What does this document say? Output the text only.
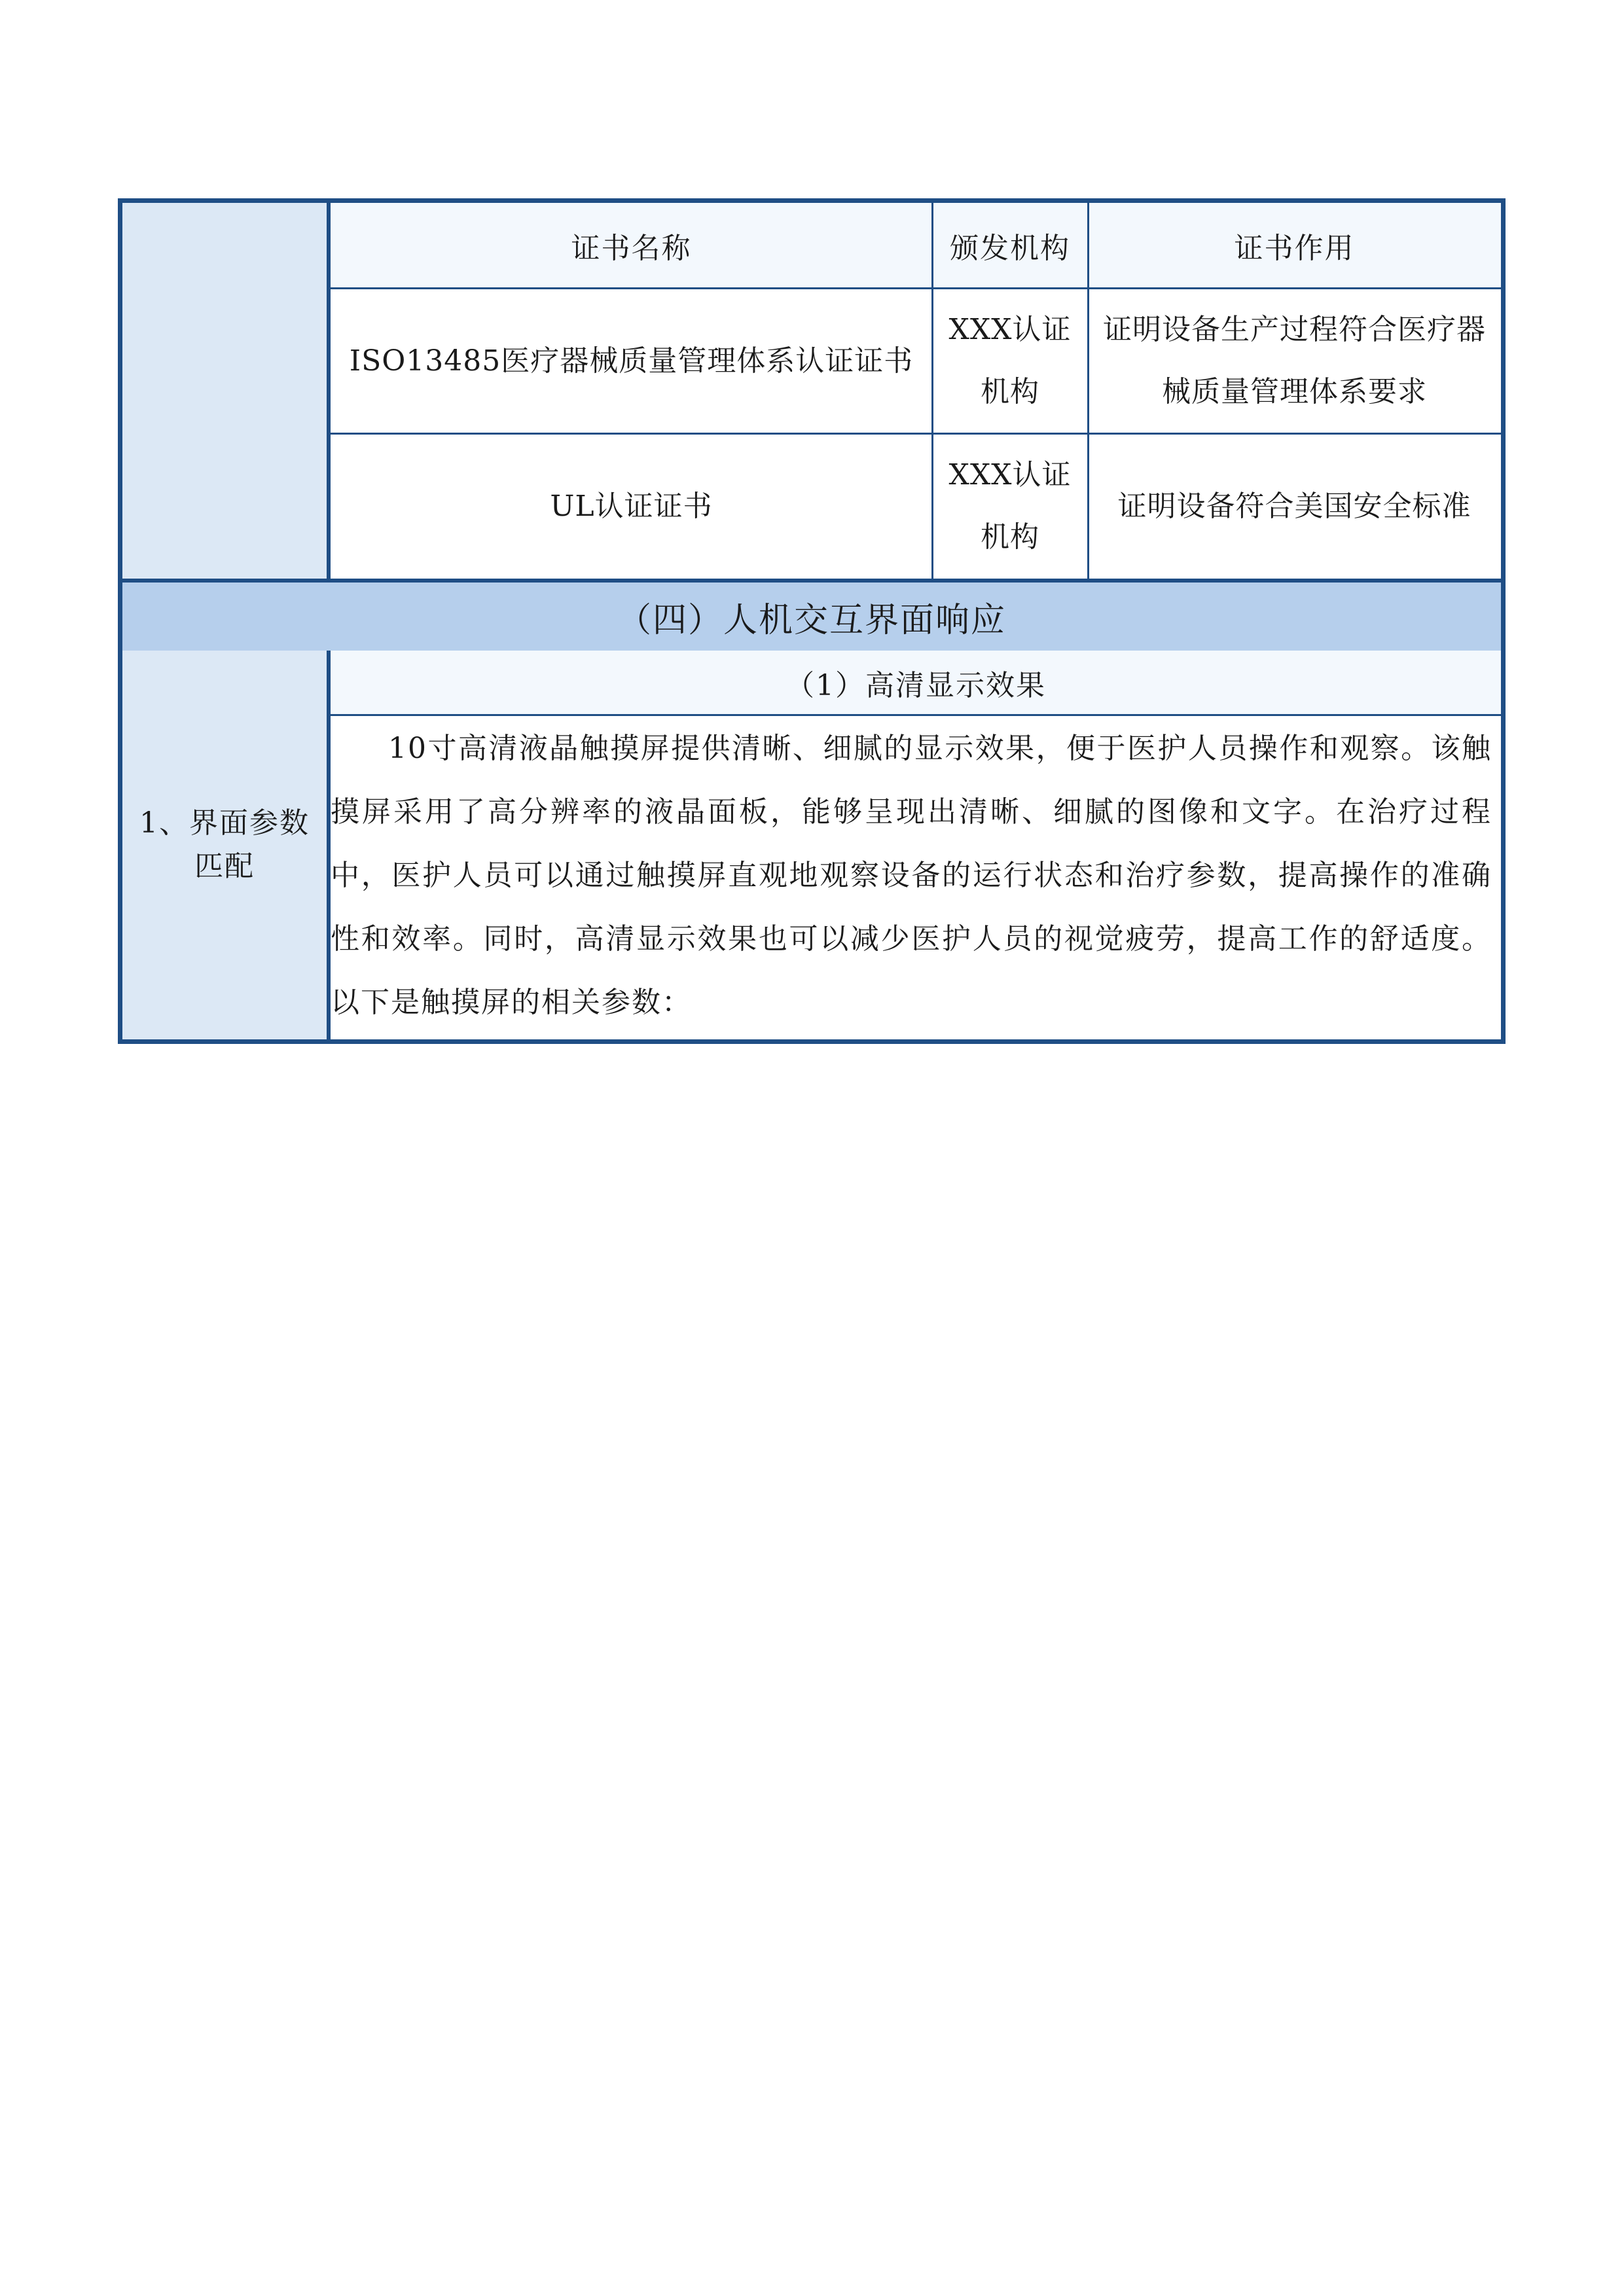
证书名称	颁发机构	证书作用
ISO13485医疗器械质量管理体系认证证书
XXX认证机构
证明设备生产过程符合医疗器械质量管理体系要求
UL认证证书
XXX认证机构
证明设备符合美国安全标准
（四）人机交互界面响应
1、界面参数匹配
（1）高清显示效果
10寸高清液晶触摸屏提供清晰、细腻的显示效果，便于医护人员操作和观察。该触摸屏采用了高分辨率的液晶面板，能够呈现出清晰、细腻的图像和文字。在治疗过程中，医护人员可以通过触摸屏直观地观察设备的运行状态和治疗参数，提高操作的准确性和效率。同时，高清显示效果也可以减少医护人员的视觉疲劳，提高工作的舒适度。以下是触摸屏的相关参数：
